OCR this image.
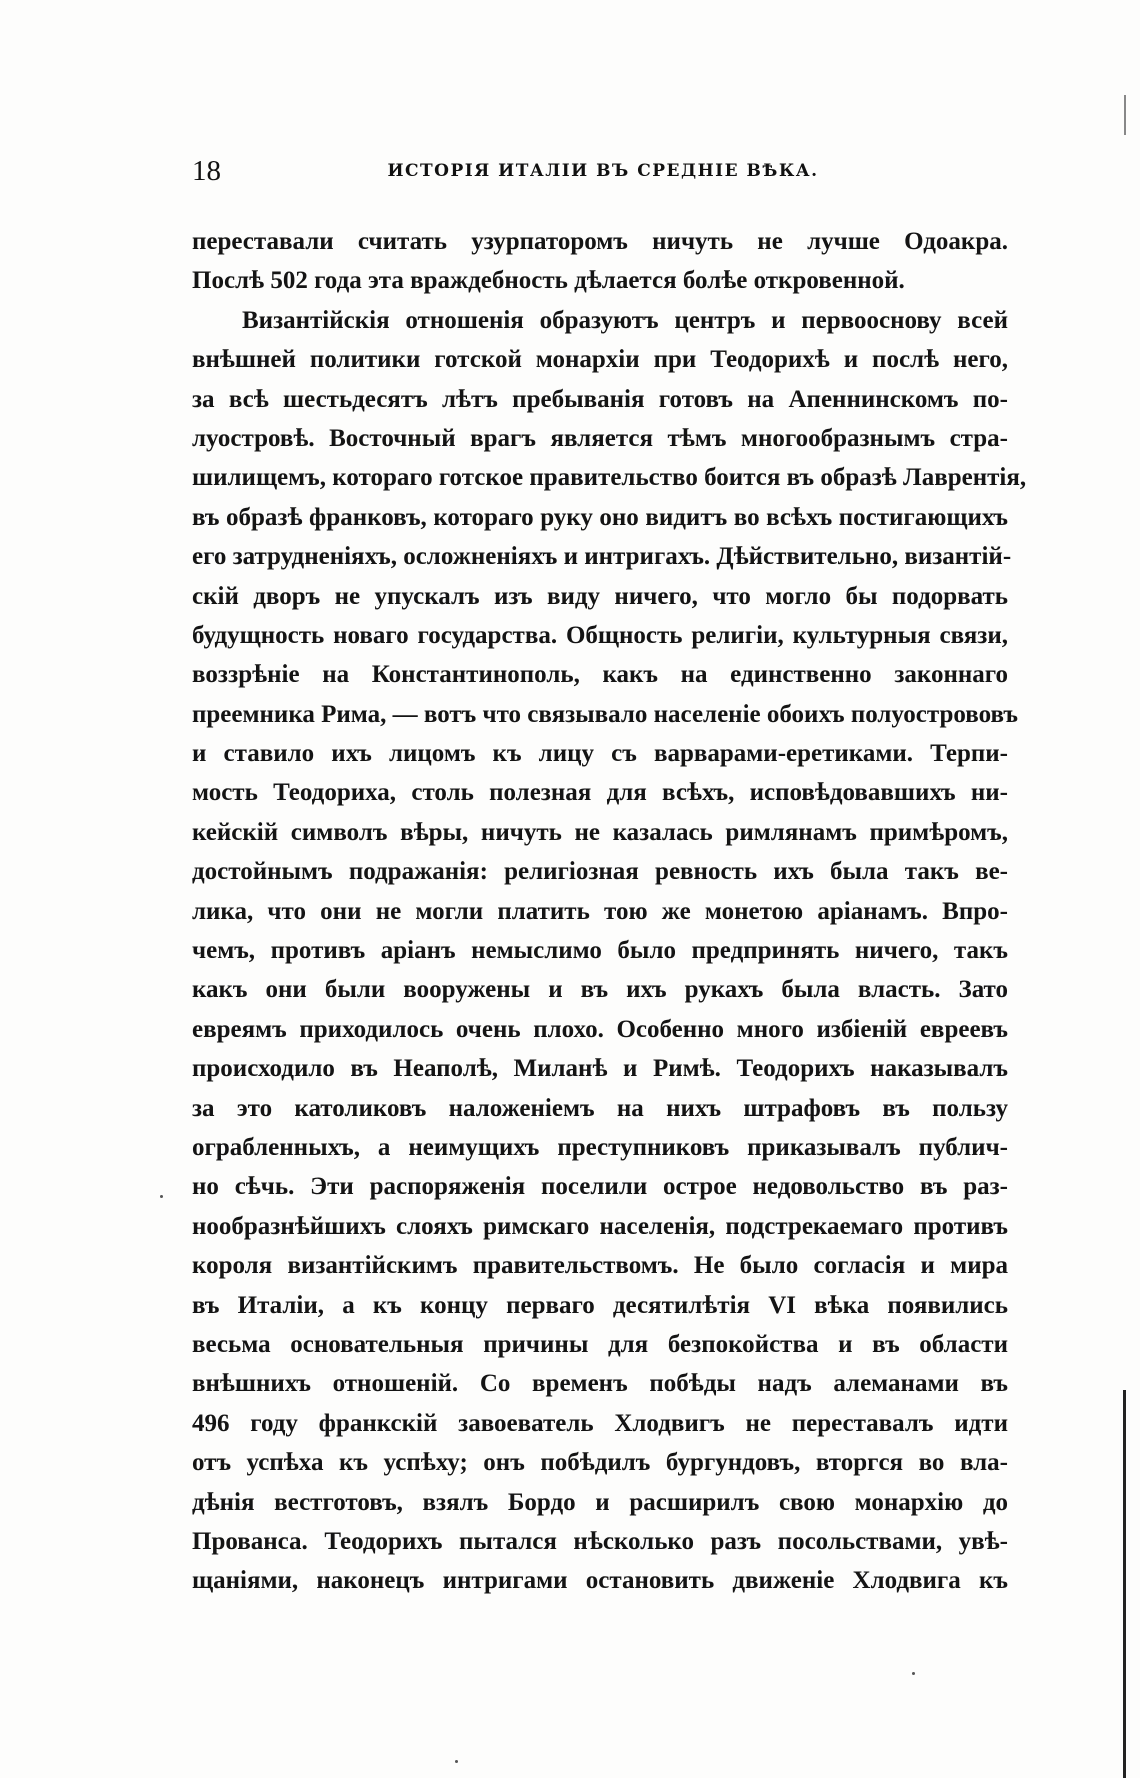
18	ИСТОРІЯ ИТАЛІИ ВЪ СРЕДНІЕ ВѢКА.
переставали считать узурпаторомъ ничуть не лучше Одоакра.
Послѣ 502 года эта враждебность дѣлается болѣе откровенной.
Византійскія отношенія образуютъ центръ и первооснову всей
внѣшней политики готской монархіи при Теодорихѣ и послѣ него,
за всѣ шестьдесятъ лѣтъ пребыванія готовъ на Апеннинскомъ по-
луостровѣ. Восточный врагъ является тѣмъ многообразнымъ стра-
шилищемъ, котораго готское правительство боится въ образѣ Лаврентія,
въ образѣ франковъ, котораго руку оно видитъ во всѣхъ постигающихъ
его затрудненіяхъ, осложненіяхъ и интригахъ. Дѣйствительно, византій-
скій дворъ не упускалъ изъ виду ничего, что могло бы подорвать
будущность новаго государства. Общность религіи, культурныя связи,
воззрѣніе на Константинополь, какъ на единственно законнаго
преемника Рима, — вотъ что связывало населеніе обоихъ полуострововъ
и ставило ихъ лицомъ къ лицу съ варварами-еретиками. Терпи-
мость Теодориха, столь полезная для всѣхъ, исповѣдовавшихъ ни-
кейскій символъ вѣры, ничуть не казалась римлянамъ примѣромъ,
достойнымъ подражанія: религіозная ревность ихъ была такъ ве-
лика, что они не могли платить тою же монетою аріанамъ. Впро-
чемъ, противъ аріанъ немыслимо было предпринять ничего, такъ
какъ они были вооружены и въ ихъ рукахъ была власть. Зато
евреямъ приходилось очень плохо. Особенно много избіеній евреевъ
происходило въ Неаполѣ, Миланѣ и Римѣ. Теодорихъ наказывалъ
за это католиковъ наложеніемъ на нихъ штрафовъ въ пользу
ограбленныхъ, а неимущихъ преступниковъ приказывалъ публич-
но сѣчь. Эти распоряженія поселили острое недовольство въ раз-
нообразнѣйшихъ слояхъ римскаго населенія, подстрекаемаго противъ
короля византійскимъ правительствомъ. Не было согласія и мира
въ Италіи, а къ концу перваго десятилѣтія VI вѣка появились
весьма основательныя причины для безпокойства и въ области
внѣшнихъ отношеній. Со временъ побѣды надъ алеманами въ
496 году франкскій завоеватель Хлодвигъ не переставалъ идти
отъ успѣха къ успѣху; онъ побѣдилъ бургундовъ, вторгся во вла-
дѣнія вестготовъ, взялъ Бордо и расширилъ свою монархію до
Прованса. Теодорихъ пытался нѣсколько разъ посольствами, увѣ-
щаніями, наконецъ интригами остановить движеніе Хлодвига къ
